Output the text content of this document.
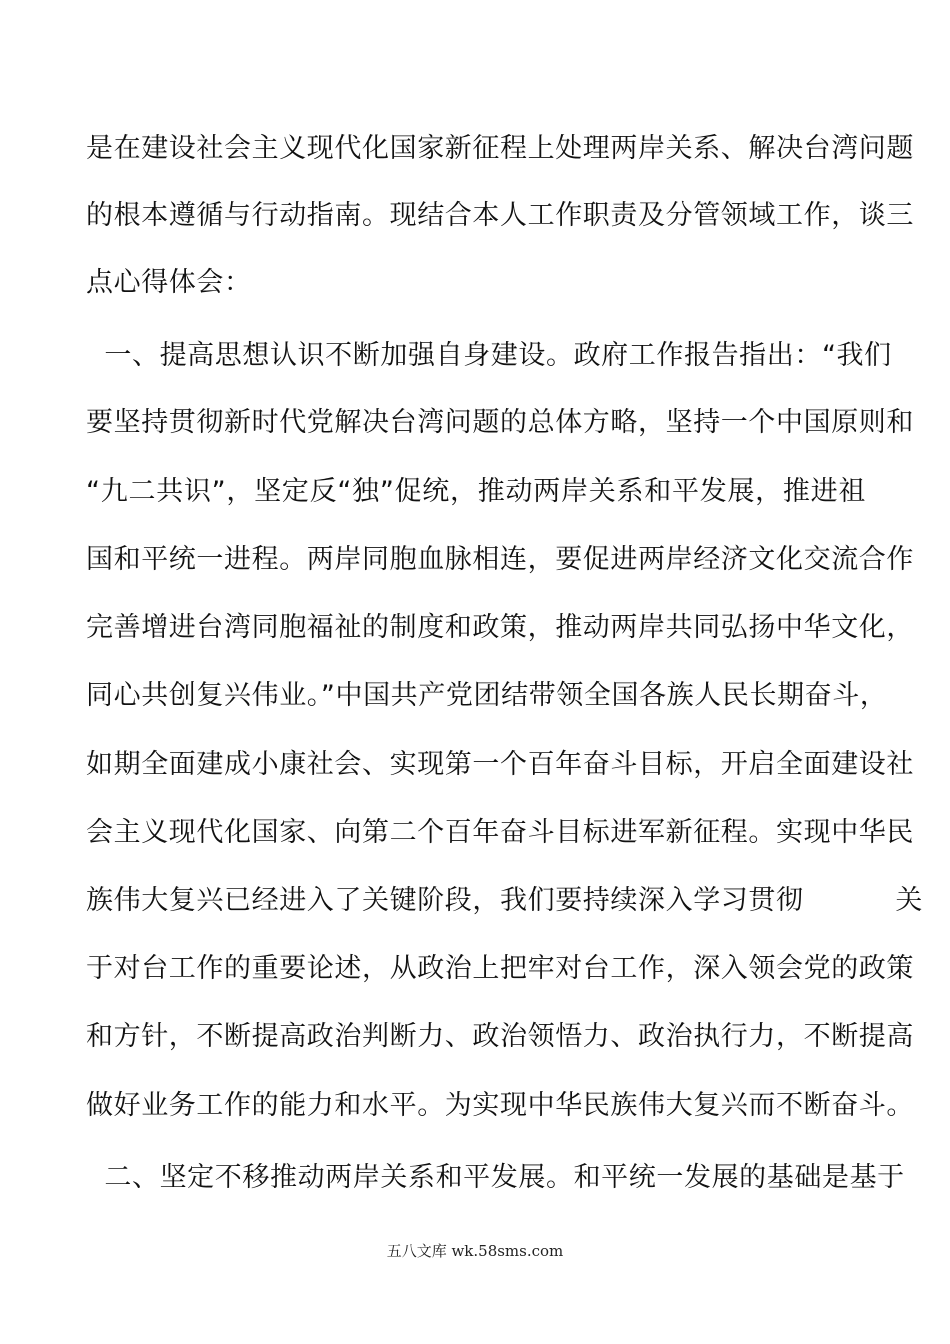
是在建设社会主义现代化国家新征程上处理两岸关系、解决台湾问题
的根本遵循与行动指南。现结合本人工作职责及分管领域工作，谈三
点心得体会：
一、提高思想认识不断加强自身建设。政府工作报告指出：“我们
要坚持贯彻新时代党解决台湾问题的总体方略，坚持一个中国原则和
“九二共识”，坚定反“独”促统，推动两岸关系和平发展，推进祖
国和平统一进程。两岸同胞血脉相连，要促进两岸经济文化交流合作
完善增进台湾同胞福祉的制度和政策，推动两岸共同弘扬中华文化，
同心共创复兴伟业。”中国共产党团结带领全国各族人民长期奋斗，
如期全面建成小康社会、实现第一个百年奋斗目标，开启全面建设社
会主义现代化国家、向第二个百年奋斗目标进军新征程。实现中华民
族伟大复兴已经进入了关键阶段，我们要持续深入学习贯彻          关
于对台工作的重要论述，从政治上把牢对台工作，深入领会党的政策
和方针，不断提高政治判断力、政治领悟力、政治执行力，不断提高
做好业务工作的能力和水平。为实现中华民族伟大复兴而不断奋斗。
二、坚定不移推动两岸关系和平发展。和平统一发展的基础是基于
五八文库 wk.58sms.com
